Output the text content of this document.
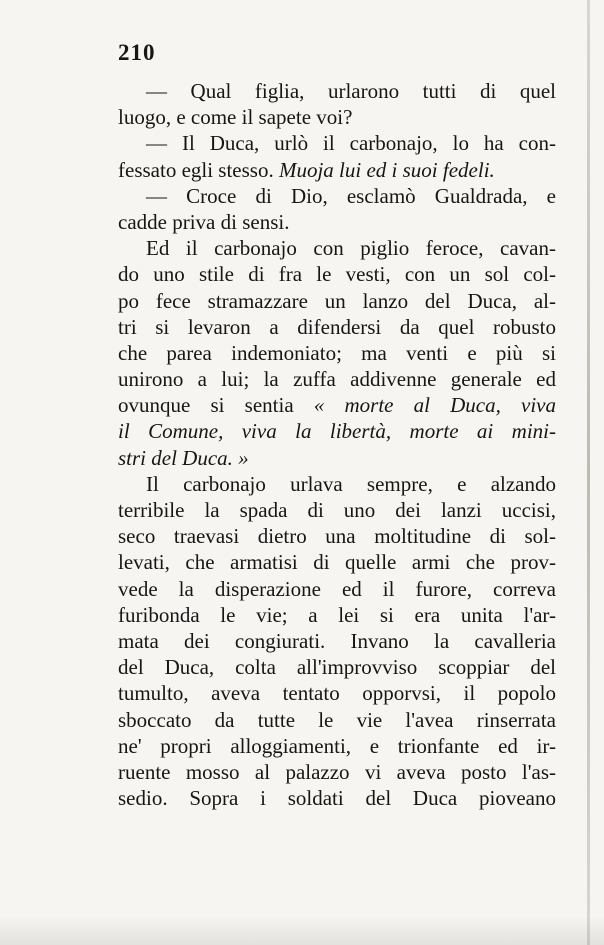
210
— Qual figlia, urlarono tutti di quel
luogo, e come il sapete voi?
— Il Duca, urlò il carbonajo, lo ha con-
fessato egli stesso. Muoja lui ed i suoi fedeli.
— Croce di Dio, esclamò Gualdrada, e
cadde priva di sensi.
Ed il carbonajo con piglio feroce, cavan-
do uno stile di fra le vesti, con un sol col-
po fece stramazzare un lanzo del Duca, al-
tri si levaron a difendersi da quel robusto
che parea indemoniato; ma venti e più si
unirono a lui; la zuffa addivenne generale ed
ovunque si sentia « morte al Duca, viva
il Comune, viva la libertà, morte ai mini-
stri del Duca. »
Il carbonajo urlava sempre, e alzando
terribile la spada di uno dei lanzi uccisi,
seco traevasi dietro una moltitudine di sol-
levati, che armatisi di quelle armi che prov-
vede la disperazione ed il furore, correva
furibonda le vie; a lei si era unita l'ar-
mata dei congiurati. Invano la cavalleria
del Duca, colta all'improvviso scoppiar del
tumulto, aveva tentato opporvsi, il popolo
sboccato da tutte le vie l'avea rinserrata
ne' propri alloggiamenti, e trionfante ed ir-
ruente mosso al palazzo vi aveva posto l'as-
sedio. Sopra i soldati del Duca pioveano
